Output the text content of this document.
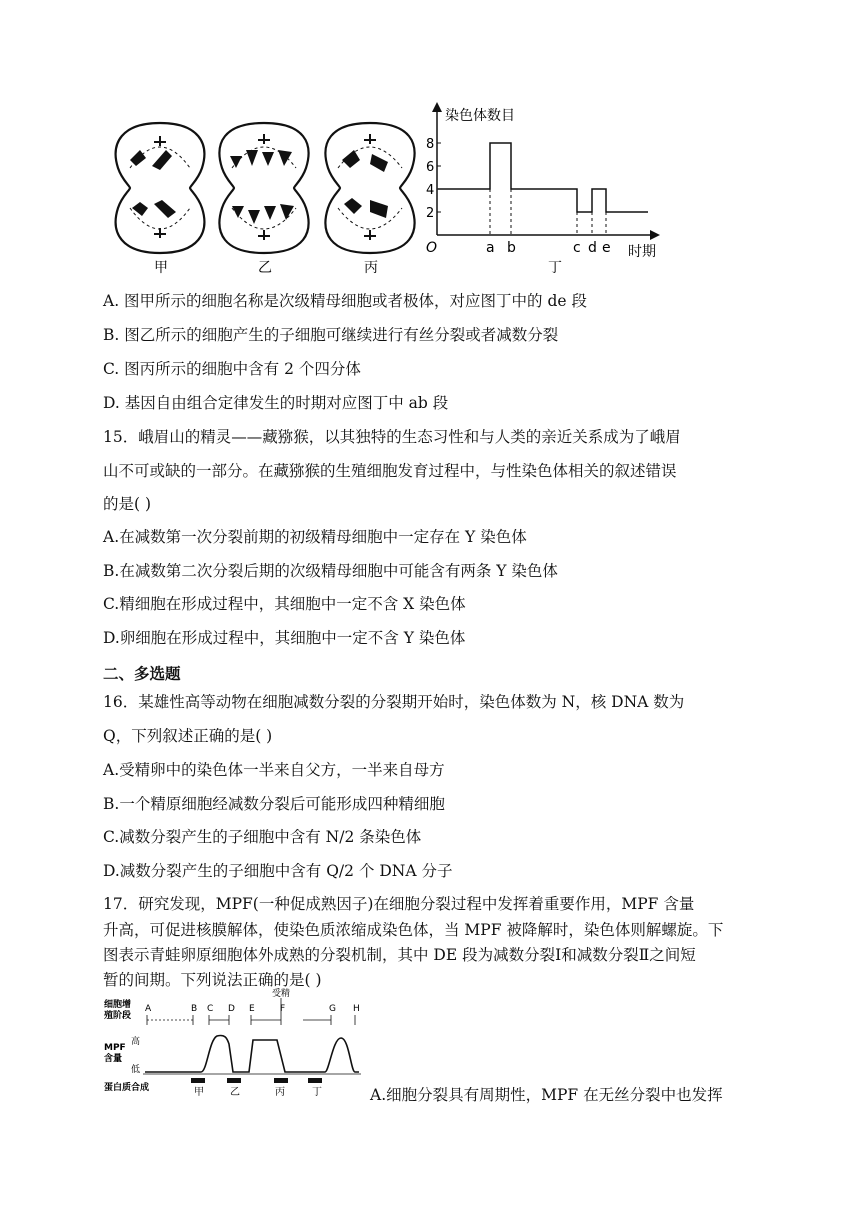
甲	乙	丙
染色体数目
时期
O
2
4
6
8
a b	c d e
丁
A. 图甲所示的细胞名称是次级精母细胞或者极体，对应图丁中的 de 段
B. 图乙所示的细胞产生的子细胞可继续进行有丝分裂或者减数分裂
C. 图丙所示的细胞中含有 2 个四分体
D. 基因自由组合定律发生的时期对应图丁中 ab 段
15．峨眉山的精灵——藏猕猴，以其独特的生态习性和与人类的亲近关系成为了峨眉
山不可或缺的一部分。在藏猕猴的生殖细胞发育过程中，与性染色体相关的叙述错误
的是( )
A.在减数第一次分裂前期的初级精母细胞中一定存在 Y 染色体
B.在减数第二次分裂后期的次级精母细胞中可能含有两条 Y 染色体
C.精细胞在形成过程中，其细胞中一定不含 X 染色体
D.卵细胞在形成过程中，其细胞中一定不含 Y 染色体
二、多选题
16．某雄性高等动物在细胞减数分裂的分裂期开始时，染色体数为 N，核 DNA 数为
Q，下列叙述正确的是( )
A.受精卵中的染色体一半来自父方，一半来自母方
B.一个精原细胞经减数分裂后可能形成四种精细胞
C.减数分裂产生的子细胞中含有 N/2 条染色体
D.减数分裂产生的子细胞中含有 Q/2 个 DNA 分子
17．研究发现，MPF(一种促成熟因子)在细胞分裂过程中发挥着重要作用，MPF 含量
升高，可促进核膜解体，使染色质浓缩成染色体，当 MPF 被降解时，染色体则解螺旋。下
图表示青蛙卵原细胞体外成熟的分裂机制，其中 DE 段为减数分裂Ⅰ和减数分裂Ⅱ之间短
暂的间期。下列说法正确的是( )
受精
细胞增
殖阶段
MPF
含量
蛋白质合成
高
低
A	B C D E	F	G H
甲	乙	丙	丁	A.细胞分裂具有周期性，MPF 在无丝分裂中也发挥
